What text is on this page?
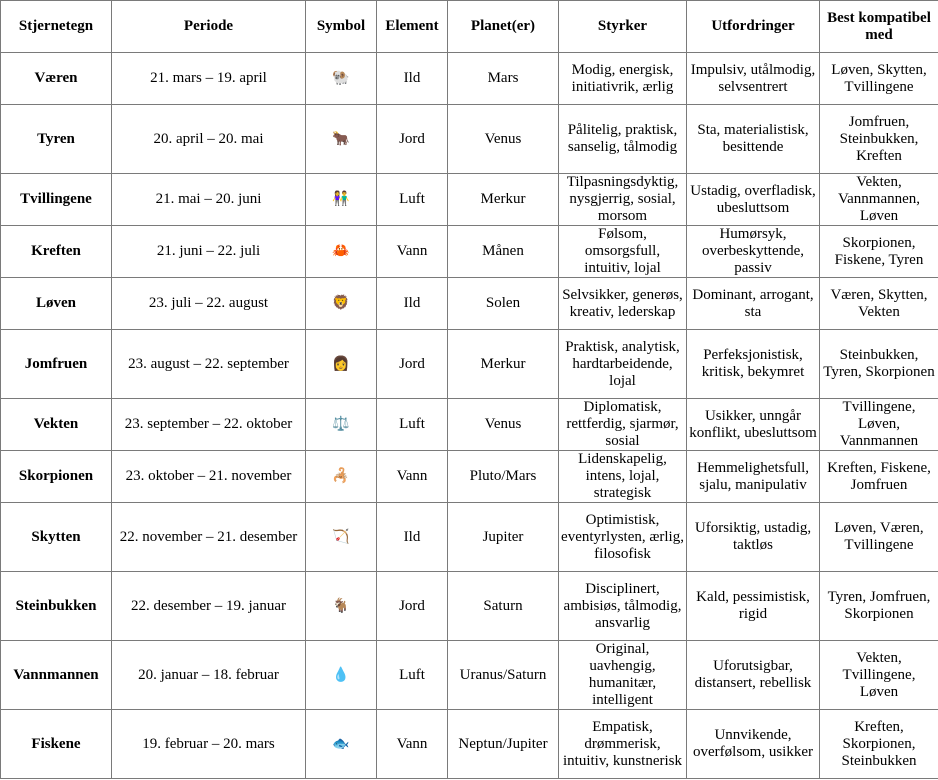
Stjernetegn	Periode	Symbol	Element	Planet(er)	Styrker	Utfordringer	Best kompatibel med
Væren	21. mars – 19. april	🐏	Ild	Mars	Modig, energisk, initiativrik, ærlig	Impulsiv, utålmodig, selvsentrert	Løven, Skytten, Tvillingene
Tyren	20. april – 20. mai	🐂	Jord	Venus	Pålitelig, praktisk, sanselig, tålmodig	Sta, materialistisk, besittende	Jomfruen, Steinbukken, Kreften
Tvillingene	21. mai – 20. juni	👫	Luft	Merkur	Tilpasningsdyktig, nysgjerrig, sosial, morsom	Ustadig, overfladisk, ubesluttsom	Vekten, Vannmannen, Løven
Kreften	21. juni – 22. juli	🦀	Vann	Månen	Følsom, omsorgsfull, intuitiv, lojal	Humørsyk, overbeskyttende, passiv	Skorpionen, Fiskene, Tyren
Løven	23. juli – 22. august	🦁	Ild	Solen	Selvsikker, generøs, kreativ, lederskap	Dominant, arrogant, sta	Væren, Skytten, Vekten
Jomfruen	23. august – 22. september	👩	Jord	Merkur	Praktisk, analytisk, hardtarbeidende, lojal	Perfeksjonistisk, kritisk, bekymret	Steinbukken, Tyren, Skorpionen
Vekten	23. september – 22. oktober	⚖️	Luft	Venus	Diplomatisk, rettferdig, sjarmør, sosial	Usikker, unngår konflikt, ubesluttsom	Tvillingene, Løven, Vannmannen
Skorpionen	23. oktober – 21. november	🦂	Vann	Pluto/Mars	Lidenskapelig, intens, lojal, strategisk	Hemmelighetsfull, sjalu, manipulativ	Kreften, Fiskene, Jomfruen
Skytten	22. november – 21. desember	🏹	Ild	Jupiter	Optimistisk, eventyrlysten, ærlig, filosofisk	Uforsiktig, ustadig, taktløs	Løven, Væren, Tvillingene
Steinbukken	22. desember – 19. januar	🐐	Jord	Saturn	Disciplinert, ambisiøs, tålmodig, ansvarlig	Kald, pessimistisk, rigid	Tyren, Jomfruen, Skorpionen
Vannmannen	20. januar – 18. februar	💧	Luft	Uranus/Saturn	Original, uavhengig, humanitær, intelligent	Uforutsigbar, distansert, rebellisk	Vekten, Tvillingene, Løven
Fiskene	19. februar – 20. mars	🐟	Vann	Neptun/Jupiter	Empatisk, drømmerisk, intuitiv, kunstnerisk	Unnvikende, overfølsom, usikker	Kreften, Skorpionen, Steinbukken
